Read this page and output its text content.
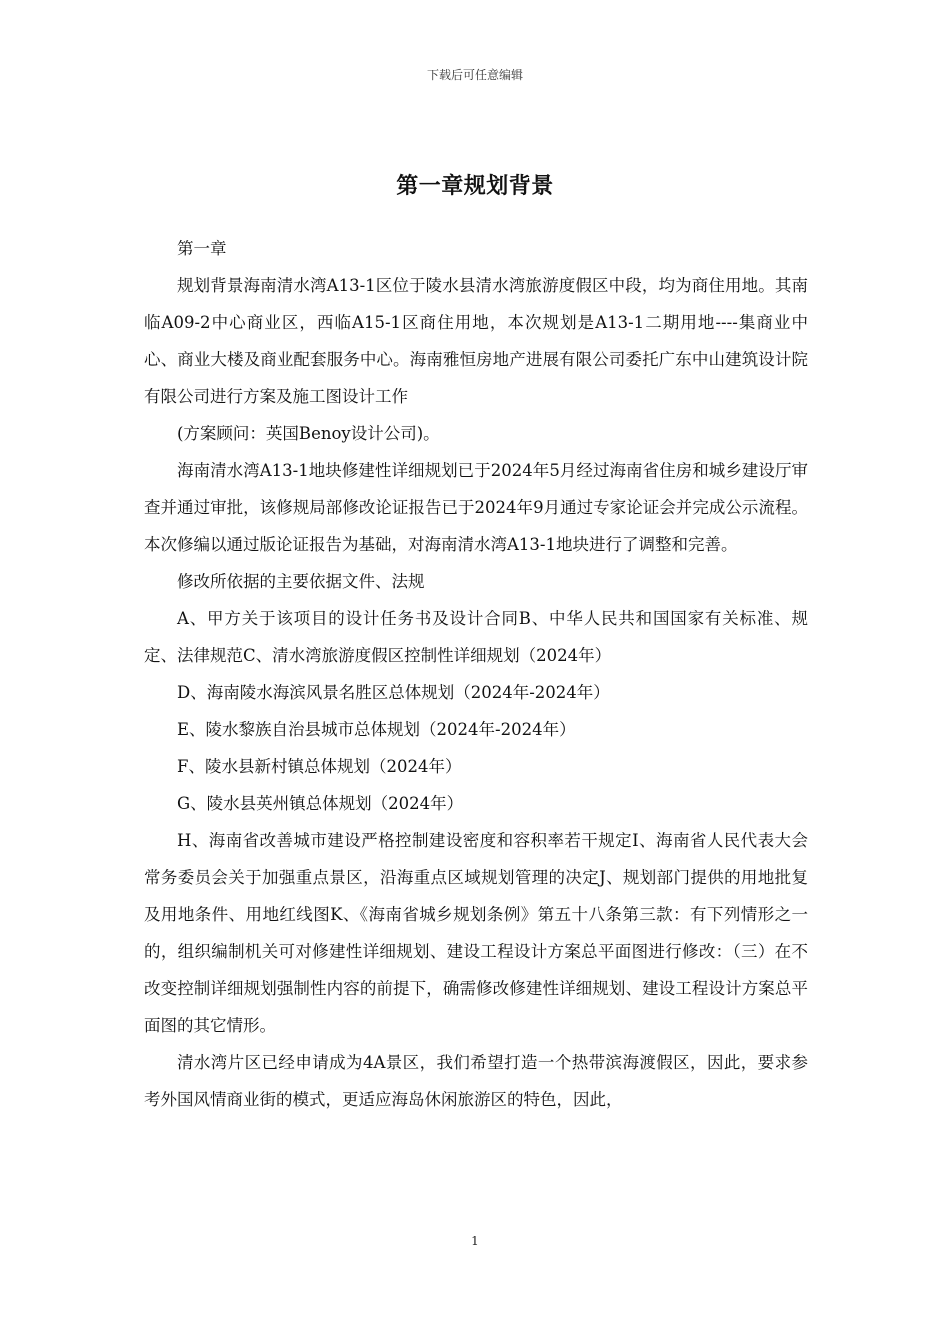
下载后可任意编辑
第一章规划背景

第一章

规划背景海南清水湾A13-1区位于陵水县清水湾旅游度假区中段，均为商住用地。其南临A09-2中心商业区，西临A15-1区商住用地，本次规划是A13-1二期用地----集商业中心、商业大楼及商业配套服务中心。海南雅恒房地产进展有限公司委托广东中山建筑设计院有限公司进行方案及施工图设计工作

(方案顾问：英国Benoy设计公司)。

海南清水湾A13-1地块修建性详细规划已于2024年5月经过海南省住房和城乡建设厅审查并通过审批，该修规局部修改论证报告已于2024年9月通过专家论证会并完成公示流程。本次修编以通过版论证报告为基础，对海南清水湾A13-1地块进行了调整和完善。

修改所依据的主要依据文件、法规

A、甲方关于该项目的设计任务书及设计合同B、中华人民共和国国家有关标准、规定、法律规范C、清水湾旅游度假区控制性详细规划（2024年）

D、海南陵水海滨风景名胜区总体规划（2024年-2024年）

E、陵水黎族自治县城市总体规划（2024年-2024年）

F、陵水县新村镇总体规划（2024年）

G、陵水县英州镇总体规划（2024年）

H、海南省改善城市建设严格控制建设密度和容积率若干规定I、海南省人民代表大会常务委员会关于加强重点景区，沿海重点区域规划管理的决定J、规划部门提供的用地批复及用地条件、用地红线图K、《海南省城乡规划条例》第五十八条第三款：有下列情形之一的，组织编制机关可对修建性详细规划、建设工程设计方案总平面图进行修改：（三）在不改变控制详细规划强制性内容的前提下，确需修改修建性详细规划、建设工程设计方案总平面图的其它情形。

清水湾片区已经申请成为4A景区，我们希望打造一个热带滨海渡假区，因此，要求参考外国风情商业街的模式，更适应海岛休闲旅游区的特色，因此，

1
